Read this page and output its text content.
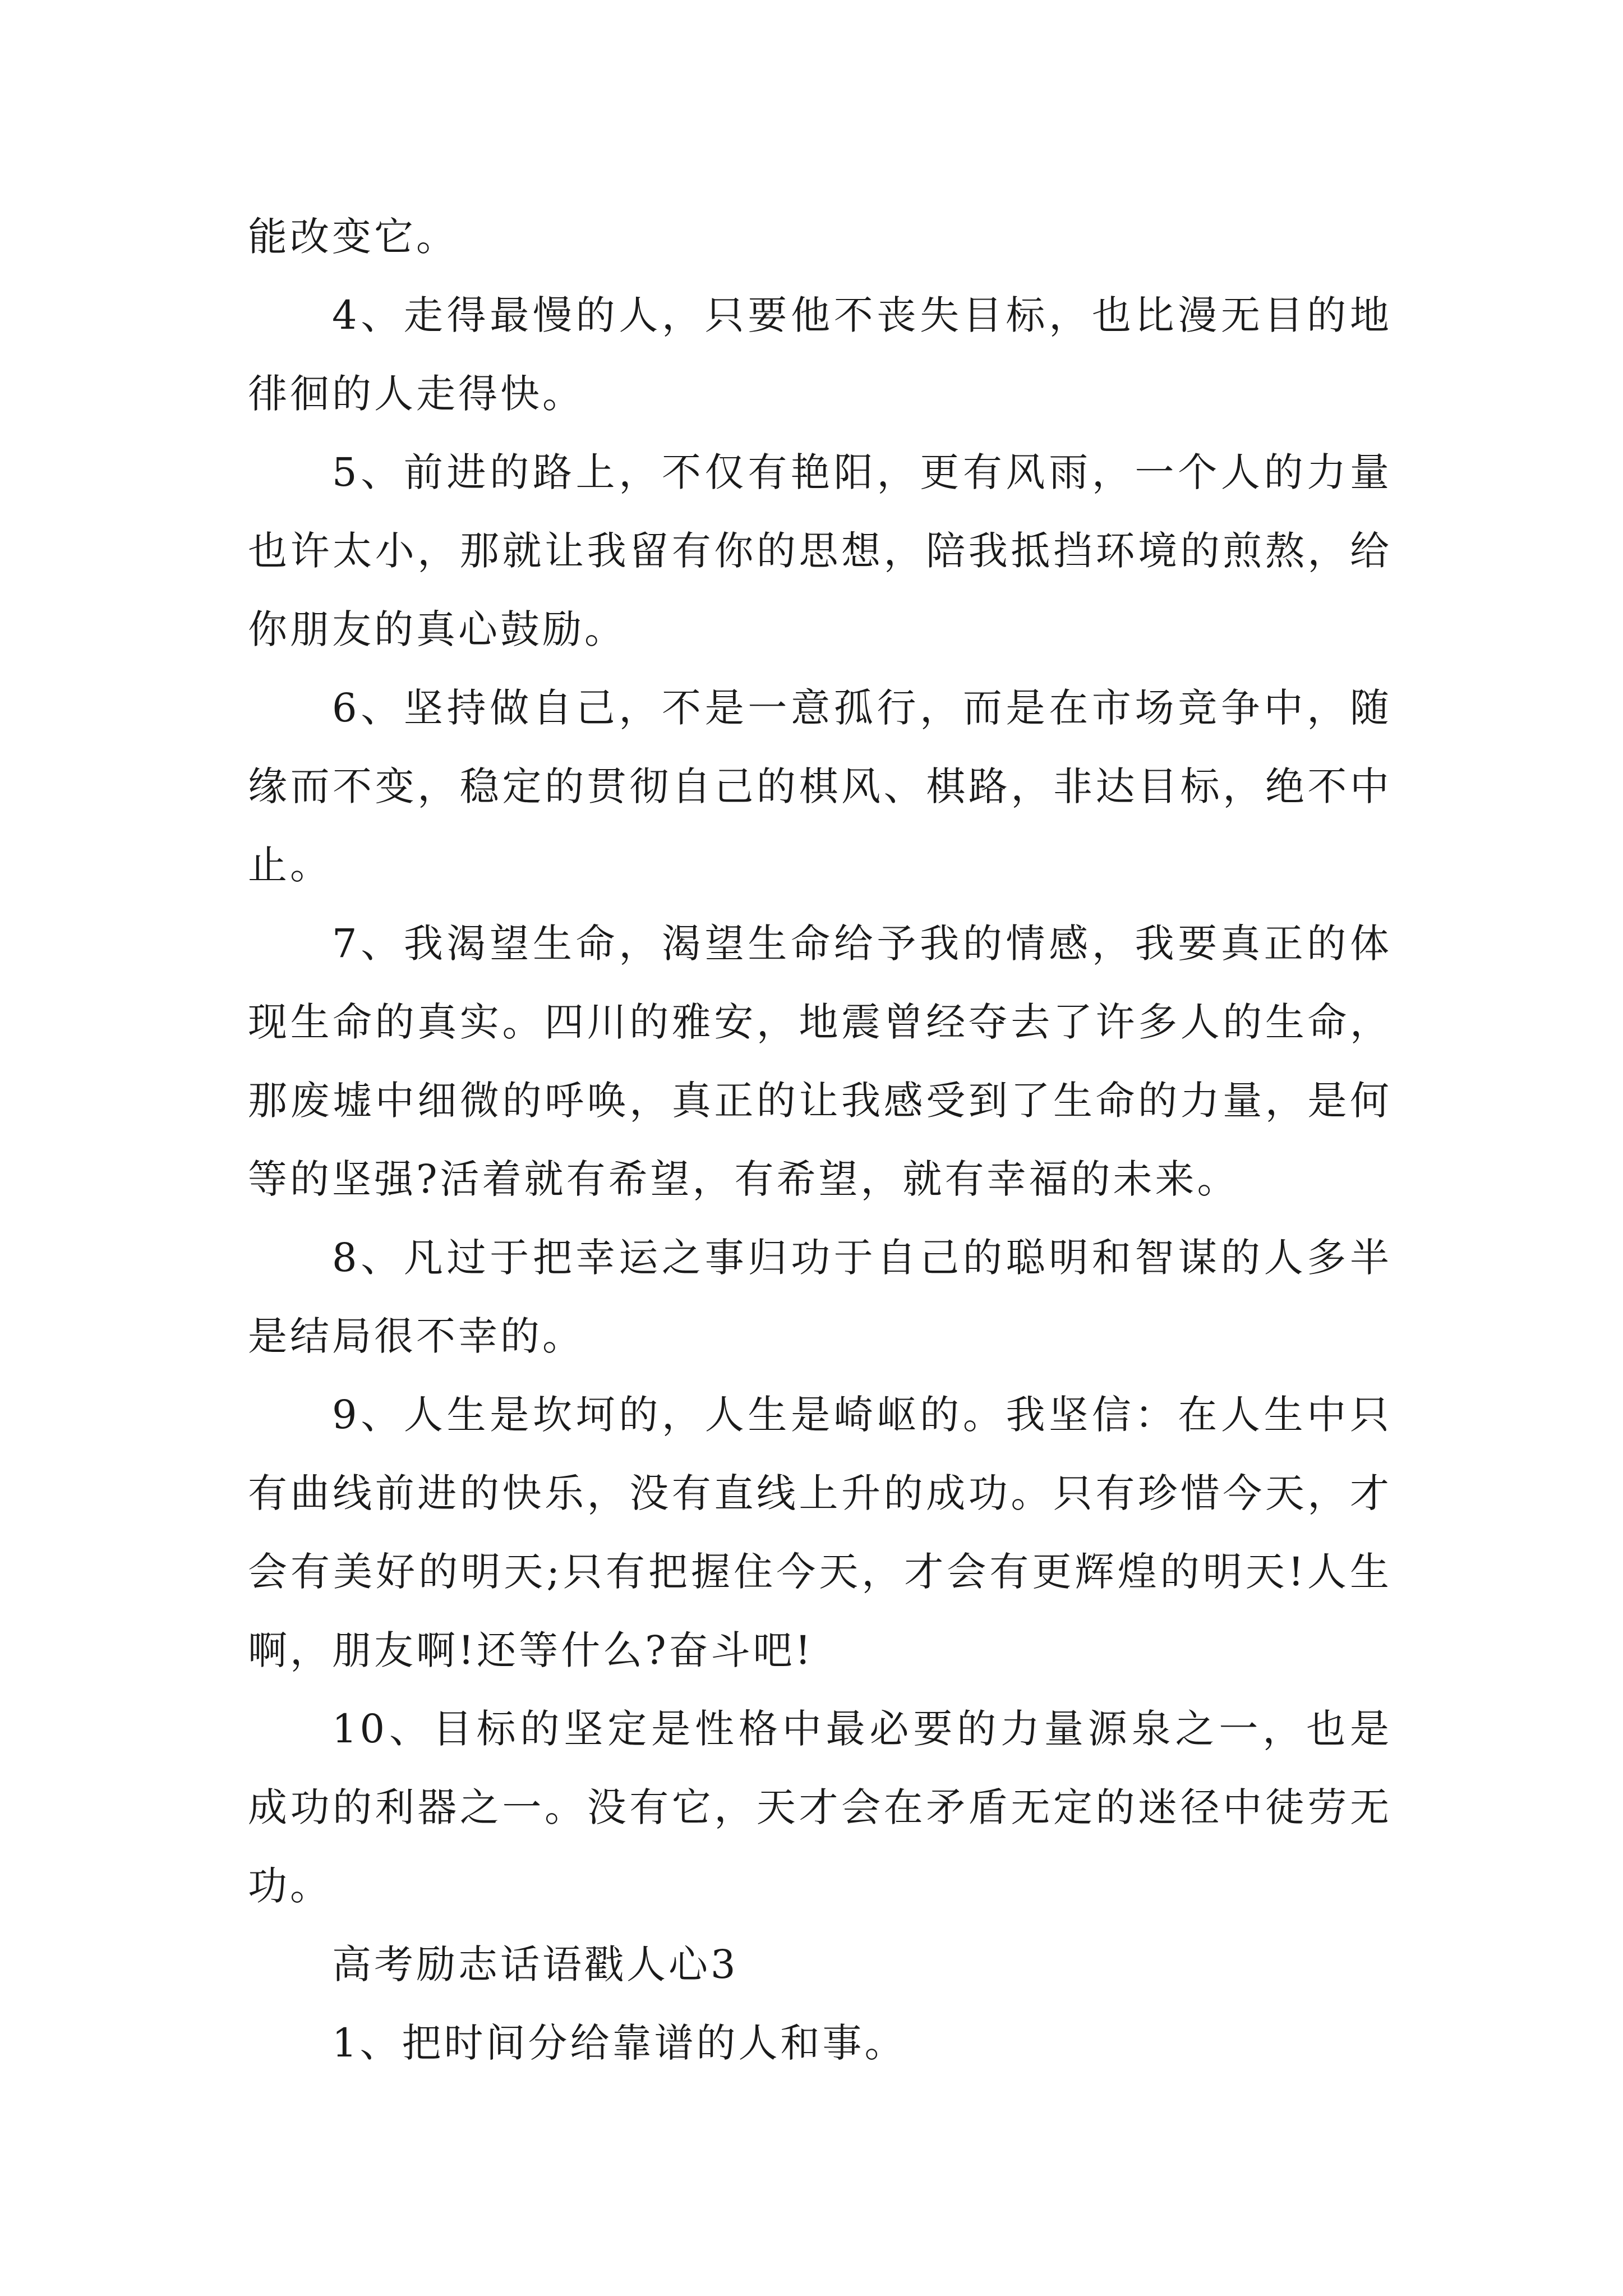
能改变它。

4、走得最慢的人，只要他不丧失目标，也比漫无目的地徘徊的人走得快。

5、前进的路上，不仅有艳阳，更有风雨，一个人的力量也许太小，那就让我留有你的思想，陪我抵挡环境的煎熬，给你朋友的真心鼓励。

6、坚持做自己，不是一意孤行，而是在市场竞争中，随缘而不变，稳定的贯彻自己的棋风、棋路，非达目标，绝不中止。

7、我渴望生命，渴望生命给予我的情感，我要真正的体现生命的真实。四川的雅安，地震曾经夺去了许多人的生命，那废墟中细微的呼唤，真正的让我感受到了生命的力量，是何等的坚强?活着就有希望，有希望，就有幸福的未来。

8、凡过于把幸运之事归功于自己的聪明和智谋的人多半是结局很不幸的。

9、人生是坎坷的，人生是崎岖的。我坚信：在人生中只有曲线前进的快乐，没有直线上升的成功。只有珍惜今天，才会有美好的明天;只有把握住今天，才会有更辉煌的明天!人生啊，朋友啊!还等什么?奋斗吧!

10、目标的坚定是性格中最必要的力量源泉之一，也是成功的利器之一。没有它，天才会在矛盾无定的迷径中徒劳无功。

高考励志话语戳人心3

1、把时间分给靠谱的人和事。
